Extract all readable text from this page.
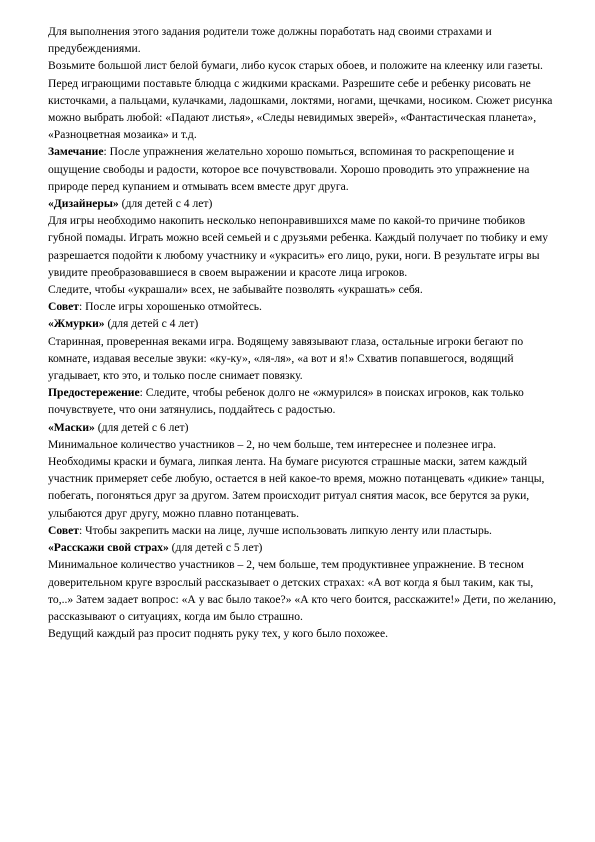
Для выполнения этого задания родители тоже должны поработать над своими страхами и предубеждениями.

Возьмите большой лист белой бумаги, либо кусок старых обоев, и положите на клеенку или газеты. Перед играющими поставьте блюдца с жидкими красками. Разрешите себе и ребенку рисовать не кисточками, а пальцами, кулачками, ладошками, локтями, ногами, щечками, носиком. Сюжет рисунка можно выбрать любой: «Падают листья», «Следы невидимых зверей», «Фантастическая планета», «Разноцветная мозаика» и т.д.

Замечание: После упражнения желательно хорошо помыться, вспоминая то раскрепощение и ощущение свободы и радости, которое все почувствовали. Хорошо проводить это упражнение на природе перед купанием и отмывать всем вместе друг друга.

«Дизайнеры» (для детей с 4 лет)

Для игры необходимо накопить несколько непонравившихся маме по какой-то причине тюбиков губной помады. Играть можно всей семьей и с друзьями ребенка. Каждый получает по тюбику и ему разрешается подойти к любому участнику и «украсить» его лицо, руки, ноги. В результате игры вы увидите преобразовавшиеся в своем выражении и красоте лица игроков.

Следите, чтобы «украшали» всех, не забывайте позволять «украшать» себя.

Совет: После игры хорошенько отмойтесь.

«Жмурки» (для детей с 4 лет)

Старинная, проверенная веками игра. Водящему завязывают глаза, остальные игроки бегают по комнате, издавая веселые звуки: «ку-ку», «ля-ля», «а вот и я!» Схватив попавшегося, водящий угадывает, кто это, и только после снимает повязку.

Предостережение: Следите, чтобы ребенок долго не «жмурился» в поисках игроков, как только почувствуете, что они затянулись, поддайтесь с радостью.

«Маски» (для детей с 6 лет)

Минимальное количество участников – 2, но чем больше, тем интереснее и полезнее игра. Необходимы краски и бумага, липкая лента. На бумаге рисуются страшные маски, затем каждый участник примеряет себе любую, остается в ней какое-то время, можно потанцевать «дикие» танцы, побегать, погоняться друг за другом. Затем происходит ритуал снятия масок, все берутся за руки, улыбаются друг другу, можно плавно потанцевать.

Совет: Чтобы закрепить маски на лице, лучше использовать липкую ленту или пластырь.

«Расскажи свой страх» (для детей с 5 лет)

Минимальное количество участников – 2, чем больше, тем продуктивнее упражнение. В тесном доверительном круге взрослый рассказывает о детских страхах: «А вот когда я был таким, как ты, то,..» Затем задает вопрос: «А у вас было такое?» «А кто чего боится, расскажите!» Дети, по желанию, рассказывают о ситуациях, когда им было страшно.

Ведущий каждый раз просит поднять руку тех, у кого было похожее.
